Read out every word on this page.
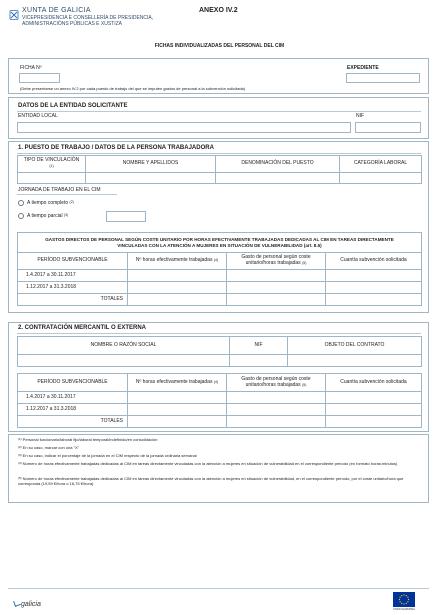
XUNTA DE GALICIA
VICEPRESIDENCIA E CONSELLERÍA DE PRESIDENCIA,
ADMINISTRACIÓNS PÚBLICAS E XUSTIZA
ANEXO IV.2
FICHAS INDIVIDUALIZADAS DEL PERSONAL DEL CIM
FICHA Nº	EXPEDIENTE
(Debe presentarse un anexo IV.2 por cada puesto de trabajo del que se imputen gastos de personal a la subvención solicitada)
DATOS DE LA ENTIDAD SOLICITANTE
ENTIDAD LOCAL	NIF
1. PUESTO DE TRABAJO / DATOS DE LA PERSONA TRABAJADORA
TIPO DE VINCULACIÓN
(1)	NOMBRE Y APELLIDOS	DENOMINACIÓN DEL PUESTO	CATEGORÍA LABORAL

JORNADA DE TRABAJO EN EL CIM
A tiempo completo $^{(2)}$
A tiempo parcial $^{(3)}$
GASTOS DIRECTOS DE PERSONAL SEGÚN COSTE UNITARIO POR HORAS EFECTIVAMENTE TRABAJADAS DEDICADAS AL CIM EN TAREAS DIRECTAMENTE VINCULADAS CON LA ATENCIÓN A MUJERES EN SITUACIÓN DE VULNERABILIDAD (art. 8.5)			
PERÍODO SUBVENCIONABLE	Nº horas efectivamente trabajadas $^{(4)}$	Gasto de personal según coste unitario/horas trabajadas $^{(5)}$	Cuantía subvención solicitada
1.4.2017 a 30.11.2017			
1.12.2017 a 31.3.2018			
TOTALES			
2. CONTRATACIÓN MERCANTIL O EXTERNA
NOMBRE O RAZÓN SOCIAL	NIF	OBJETO DEL CONTRATO

PERÍODO SUBVENCIONABLE	Nº horas efectivamente trabajadas $^{(4)}$	Gasto de personal según coste unitario/horas trabajadas $^{(5)}$	Cuantía subvención solicitada
1.4.2017 a 30.11.2017			
1.12.2017 a 31.3.2018			
TOTALES			
$^{(1)}$Personal funcionario/laboral fijo/laboral temporal/indefinido/en consolidación
$^{(2)}$En su caso, marcar con una "X"
$^{(3)}$En su caso, indicar el porcentaje de la jornada en el CIM respecto de la jornada ordinaria semanal
$^{(4)}$Número de horas efectivamente trabajadas dedicadas al CIM en tareas directamente vinculadas con la atención a mujeres en situación de vulnerabilidad en el correspondiente período (en formato horas:minutos)
$^{(5)}$Número de horas efectivamente trabajadas dedicadas al CIM en tareas directamente vinculadas con la atención a mujeres en situación de vulnerabilidad, en el correspondiente período, por el coste unitario/hora que corresponda (19,59 €/hora o 16,75 €/hora)
galicia
UNIÓN EUROPEA
